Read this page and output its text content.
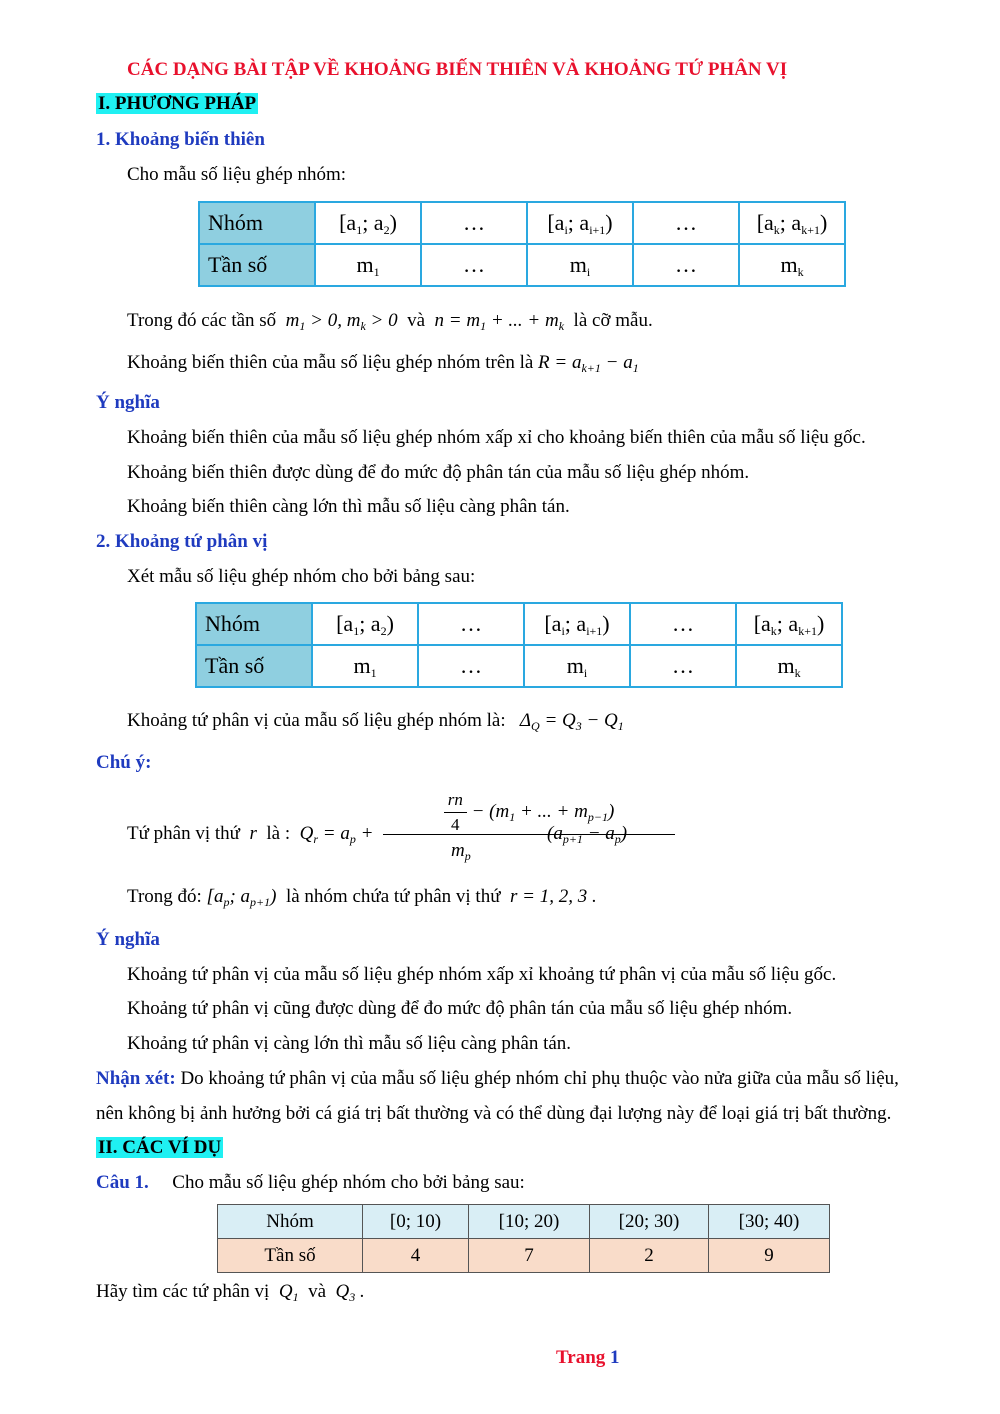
CÁC DẠNG BÀI TẬP VỀ KHOẢNG BIẾN THIÊN VÀ KHOẢNG TỨ PHÂN VỊ
I. PHƯƠNG PHÁP
1. Khoảng biến thiên
Cho mẫu số liệu ghép nhóm:
Nhóm	[$a_1$; $a_2$)	…	[$a_i$; $a_{i+1}$)	…	[$a_k$; $a_{k+1}$)
Tần số	$m_1$	…	$m_i$	…	$m_k$
Trong đó các tần số  $m_1 > 0$, $m_k > 0$  và  $n = m_1$ + ... + $m_k$ là cỡ mẫu.
Khoảng biến thiên của mẫu số liệu ghép nhóm trên là $R = a_{k+1} - a_1$
Ý nghĩa
Khoảng biến thiên của mẫu số liệu ghép nhóm xấp xỉ cho khoảng biến thiên của mẫu số liệu gốc.
Khoảng biến thiên được dùng để đo mức độ phân tán của mẫu số liệu ghép nhóm.
Khoảng biến thiên càng lớn thì mẫu số liệu càng phân tán.
2. Khoảng tứ phân vị
Xét mẫu số liệu ghép nhóm cho bởi bảng sau:
Nhóm	[$a_1$; $a_2$)	…	[$a_i$; $a_{i+1}$)	…	[$a_k$; $a_{k+1}$)
Tần số	$m_1$	…	$m_i$	…	$m_k$
Khoảng tứ phân vị của mẫu số liệu ghép nhóm là:   $\Delta_Q = Q_3 - Q_1$
Chú ý:
Tứ phân vị thứ  r  là :  $Q_r = a_p$ +	$\frac{rn}{4} - (m_1$ + ... + $m_{p-1}$)
$m_p$
$(a_{p+1} - a_p)$
Trong đó: [$a_p$; $a_{p+1}$) là nhóm chứa tứ phân vị thứ  r = 1, 2, 3 .
Ý nghĩa
Khoảng tứ phân vị của mẫu số liệu ghép nhóm xấp xỉ khoảng tứ phân vị của mẫu số liệu gốc.
Khoảng tứ phân vị cũng được dùng để đo mức độ phân tán của mẫu số liệu ghép nhóm.
Khoảng tứ phân vị càng lớn thì mẫu số liệu càng phân tán.
Nhận xét: Do khoảng tứ phân vị của mẫu số liệu ghép nhóm chỉ phụ thuộc vào nửa giữa của mẫu số liệu,
nên không bị ảnh hưởng bởi cá giá trị bất thường và có thể dùng đại lượng này để loại giá trị bất thường.
II. CÁC VÍ DỤ
Câu 1. Cho mẫu số liệu ghép nhóm cho bởi bảng sau:
Nhóm	[0; 10)	[10; 20)	[20; 30)	[30; 40)
Tần số	4	7	2	9
Hãy tìm các tứ phân vị  $Q_1$ và  $Q_3$ .
Trang 1
